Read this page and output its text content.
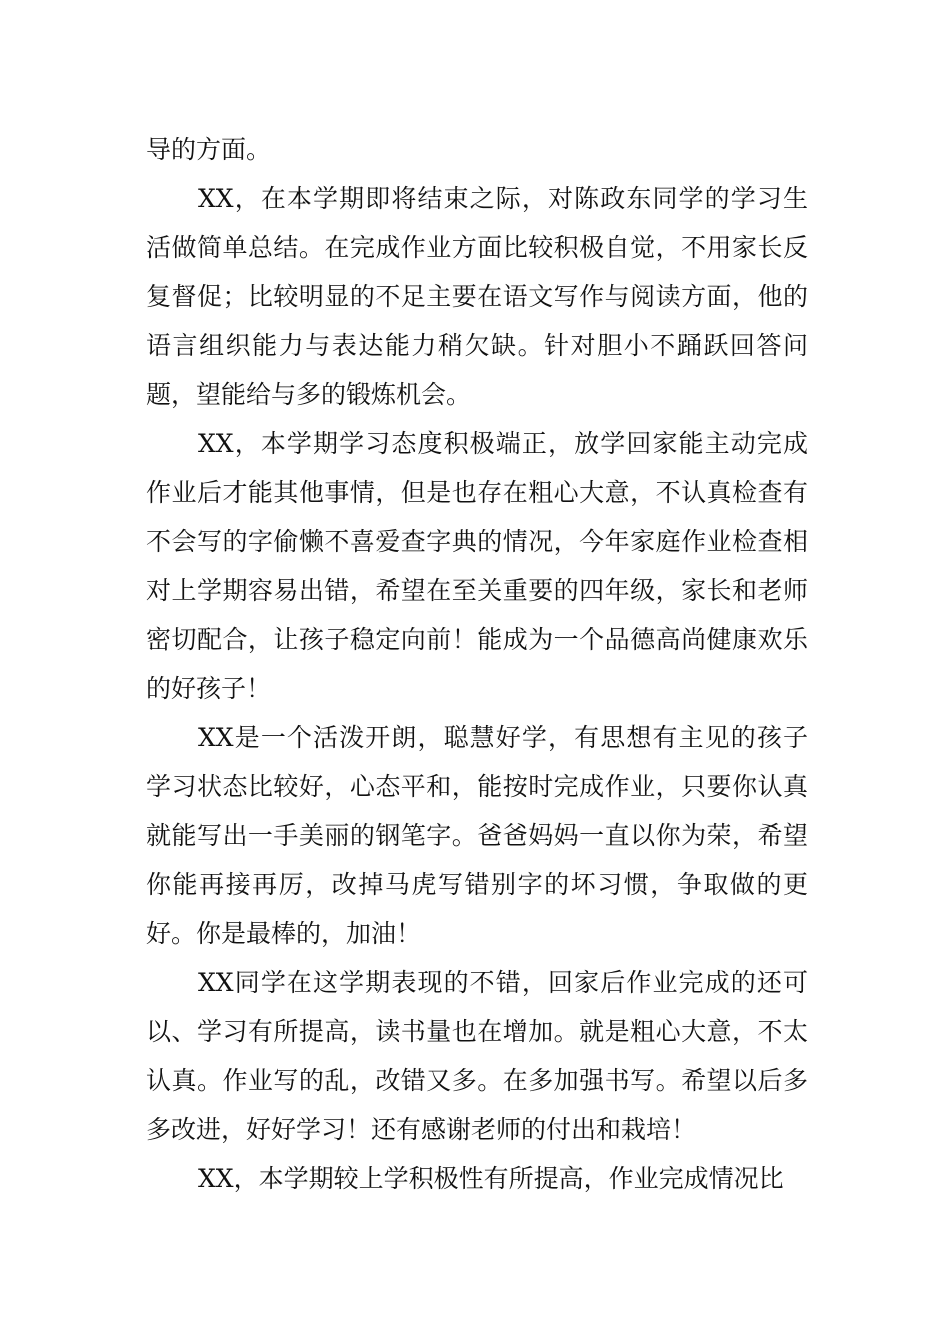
导的方面。

XX，在本学期即将结束之际，对陈政东同学的学习生活做简单总结。在完成作业方面比较积极自觉，不用家长反复督促；比较明显的不足主要在语文写作与阅读方面，他的语言组织能力与表达能力稍欠缺。针对胆小不踊跃回答问题，望能给与多的锻炼机会。

XX，本学期学习态度积极端正，放学回家能主动完成作业后才能其他事情，但是也存在粗心大意，不认真检查有不会写的字偷懒不喜爱查字典的情况，今年家庭作业检查相对上学期容易出错，希望在至关重要的四年级，家长和老师密切配合，让孩子稳定向前！能成为一个品德高尚健康欢乐的好孩子！

XX是一个活泼开朗，聪慧好学，有思想有主见的孩子学习状态比较好，心态平和，能按时完成作业，只要你认真就能写出一手美丽的钢笔字。爸爸妈妈一直以你为荣，希望你能再接再厉，改掉马虎写错别字的坏习惯，争取做的更好。你是最棒的，加油！

XX同学在这学期表现的不错，回家后作业完成的还可以、学习有所提高，读书量也在增加。就是粗心大意，不太认真。作业写的乱，改错又多。在多加强书写。希望以后多多改进，好好学习！还有感谢老师的付出和栽培！

XX，本学期较上学积极性有所提高，作业完成情况比
